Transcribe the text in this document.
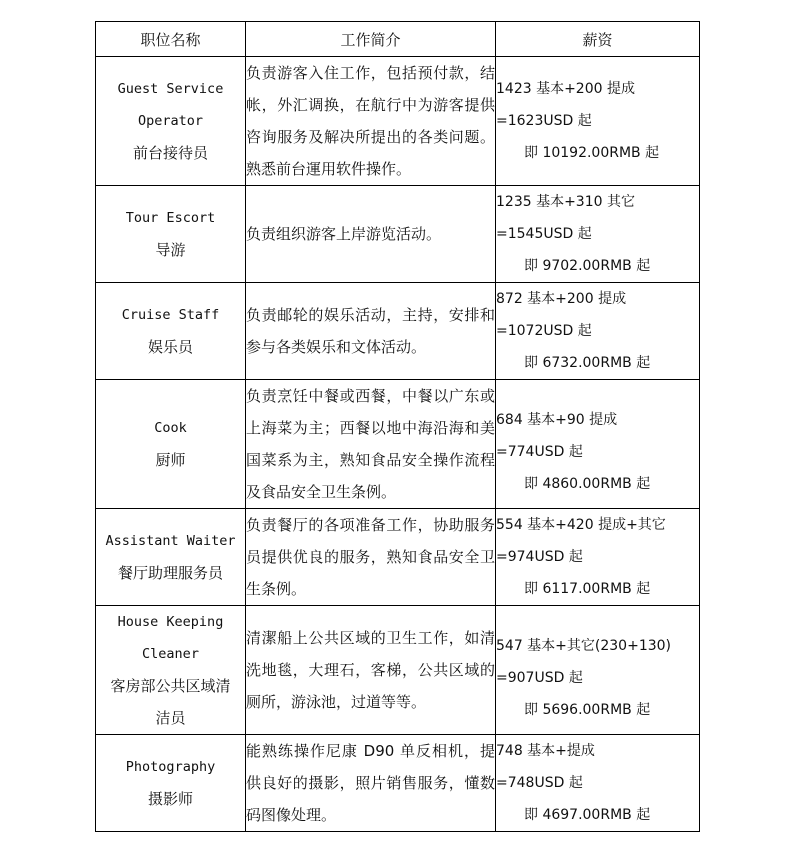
职位名称	工作简介	薪资

Guest Service
Operator
前台接待员	负责游客入住工作，包括预付款，结帐，外汇调换，在航行中为游客提供咨询服务及解决所提出的各类问题。熟悉前台運用软件操作。	1423 基本+200 提成
=1623USD 起
即 10192.00RMB 起

Tour Escort
导游	负责组织游客上岸游览活动。	1235 基本+310 其它
=1545USD 起
即 9702.00RMB 起

Cruise Staff
娱乐员	负责邮轮的娱乐活动，主持，安排和参与各类娱乐和文体活动。	872 基本+200 提成
=1072USD 起
即 6732.00RMB 起

Cook
厨师	负责烹饪中餐或西餐，中餐以广东或上海菜为主；西餐以地中海沿海和美国菜系为主，熟知食品安全操作流程及食品安全卫生条例。	684 基本+90 提成
=774USD 起
即 4860.00RMB 起

Assistant Waiter
餐厅助理服务员	负责餐厅的各项准备工作，协助服务员提供优良的服务，熟知食品安全卫生条例。	554 基本+420 提成+其它
=974USD 起
即 6117.00RMB 起

House Keeping
Cleaner
客房部公共区域清
洁员	清潔船上公共区域的卫生工作，如清洗地毯，大理石，客梯，公共区域的厕所，游泳池，过道等等。	547 基本+其它(230+130)
=907USD 起
即 5696.00RMB 起

Photography
摄影师	能熟练操作尼康 D90 单反相机，提供良好的摄影，照片销售服务，懂数码图像处理。	748 基本+提成
=748USD 起
即 4697.00RMB 起
